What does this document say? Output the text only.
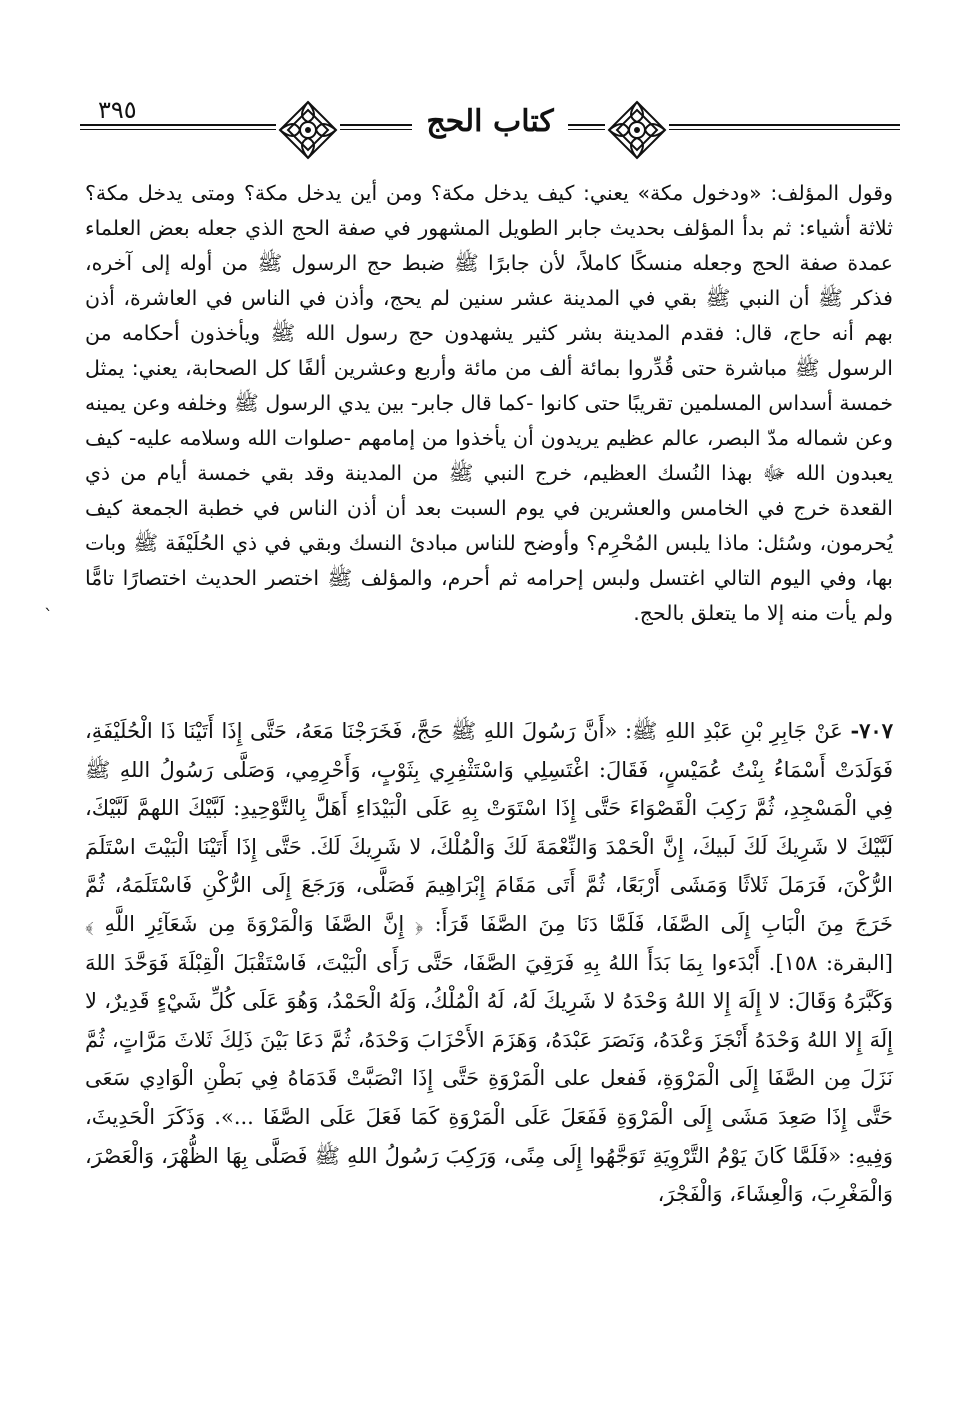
٣٩٥	كتاب الحج

وقول المؤلف: «ودخول مكة» يعني: كيف يدخل مكة؟ ومن أين يدخل مكة؟ ومتى يدخل مكة؟ ثلاثة أشياء: ثم بدأ المؤلف بحديث جابر الطويل المشهور في صفة الحج الذي جعله بعض العلماء عمدة صفة الحج وجعله منسكًا كاملاً، لأن جابرًا ﷺ ضبط حج الرسول ﷺ من أوله إلى آخره، فذكر ﷺ أن النبي ﷺ بقي في المدينة عشر سنين لم يحج، وأذن في الناس في العاشرة، أذن بهم أنه حاج، قال: فقدم المدينة بشر كثير يشهدون حج رسول الله ﷺ ويأخذون أحكامه من الرسول ﷺ مباشرة حتى قُدِّروا بمائة ألف من مائة وأربع وعشرين ألفًا كل الصحابة، يعني: يمثل خمسة أسداس المسلمين تقريبًا حتى كانوا -كما قال جابر- بين يدي الرسول ﷺ وخلفه وعن يمينه وعن شماله مدّ البصر، عالم عظيم يريدون أن يأخذوا من إمامهم -صلوات الله وسلامه عليه- كيف يعبدون الله ﷻ بهذا النُسك العظيم، خرج النبي ﷺ من المدينة وقد بقي خمسة أيام من ذي القعدة خرج في الخامس والعشرين في يوم السبت بعد أن أذن الناس في خطبة الجمعة كيف يُحرمون، وسُئل: ماذا يلبس المُحْرِم؟ وأوضح للناس مبادئ النسك وبقي في ذي الحُلَيْفَة ﷺ وبات بها، وفي اليوم التالي اغتسل ولبس إحرامه ثم أحرم، والمؤلف ﷺ اختصر الحديث اختصارًا تامًّا ولم يأت منه إلا ما يتعلق بالحج.

ˋ

٧٠٧- عَنْ جَابِرِ بْنِ عَبْدِ اللهِ ﷺ: «أَنَّ رَسُولَ اللهِ ﷺ حَجَّ، فَخَرَجْنَا مَعَهُ، حَتَّى إِذَا أَتَيْنَا ذَا الْحُلَيْفَةِ، فَوَلَدَتْ أَسْمَاءُ بِنْتُ عُمَيْسٍ، فَقَالَ: اغْتَسِلِي وَاسْتَثْفِرِي بِثَوْبٍ، وَأَحْرِمِي، وَصَلَّى رَسُولُ اللهِ ﷺ فِي الْمَسْجِدِ، ثُمَّ رَكِبَ الْقَصْوَاءَ حَتَّى إِذَا اسْتَوَتْ بِهِ عَلَى الْبَيْدَاءِ أَهَلَّ بِالتَّوْحِيدِ: لَبَّيْكَ اللهمَّ لَبَّيْكَ، لَبَّيْكَ لا شَرِيكَ لَكَ لَبيكَ، إِنَّ الْحَمْدَ وَالنِّعْمَةَ لَكَ وَالْمُلْكَ، لا شَرِيكَ لَكَ. حَتَّى إِذَا أَتَيْنَا الْبَيْتَ اسْتَلَمَ الرُّكْنَ، فَرَمَلَ ثَلاثًا وَمَشَى أَرْبَعًا، ثُمَّ أَتَى مَقَامَ إِبْرَاهِيمَ فَصَلَّى، وَرَجَعَ إِلَى الرُّكْنِ فَاسْتَلَمَهُ، ثُمَّ خَرَجَ مِنَ الْبَابِ إِلَى الصَّفَا، فَلَمَّا دَنَا مِنَ الصَّفَا قَرَأَ: ﴿ إِنَّ الصَّفَا وَالْمَرْوَةَ مِن شَعَآئِرِ اللَّهِ ﴾ [البقرة: ١٥٨]. أَبْدَءوا بِمَا بَدَأَ اللهُ بِهِ فَرَقِيَ الصَّفَا، حَتَّى رَأَى الْبَيْتَ، فَاسْتَقْبَلَ الْقِبْلَةَ فَوَحَّدَ اللهَ وَكَبَّرَهُ وَقَالَ: لا إِلَهَ إِلا اللهُ وَحْدَهُ لا شَرِيكَ لَهُ، لَهُ الْمُلْكُ، وَلَهُ الْحَمْدُ، وَهُوَ عَلَى كُلِّ شَيْءٍ قَدِيرٌ، لا إِلَهَ إِلا اللهُ وَحْدَهُ أَنْجَزَ وَعْدَهُ، وَنَصَرَ عَبْدَهُ، وَهَزَمَ الأَحْزَابَ وَحْدَهُ، ثُمَّ دَعَا بَيْنَ ذَلِكَ ثَلاثَ مَرَّاتٍ، ثُمَّ نَزَلَ مِن الصَّفَا إِلَى الْمَرْوَةِ، فَفعل على الْمَرْوَةِ حَتَّى إِذَا انْصَبَّتْ قَدَمَاهُ فِي بَطْنِ الْوَادِي سَعَى حَتَّى إِذَا صَعِدَ مَشَى إِلَى الْمَرْوَةِ فَفَعَلَ عَلَى الْمَرْوَةِ كَمَا فَعَلَ عَلَى الصَّفَا ...». وَذَكَرَ الْحَدِيثَ، وَفِيهِ: «فَلَمَّا كَانَ يَوْمُ التَّرْوِيَةِ تَوَجَّهُوا إِلَى مِنًى، وَرَكِبَ رَسُولُ اللهِ ﷺ فَصَلَّى بِهَا الظُّهْرَ، وَالْعَصْرَ، وَالْمَغْرِبَ، وَالْعِشَاءَ، وَالْفَجْرَ،
